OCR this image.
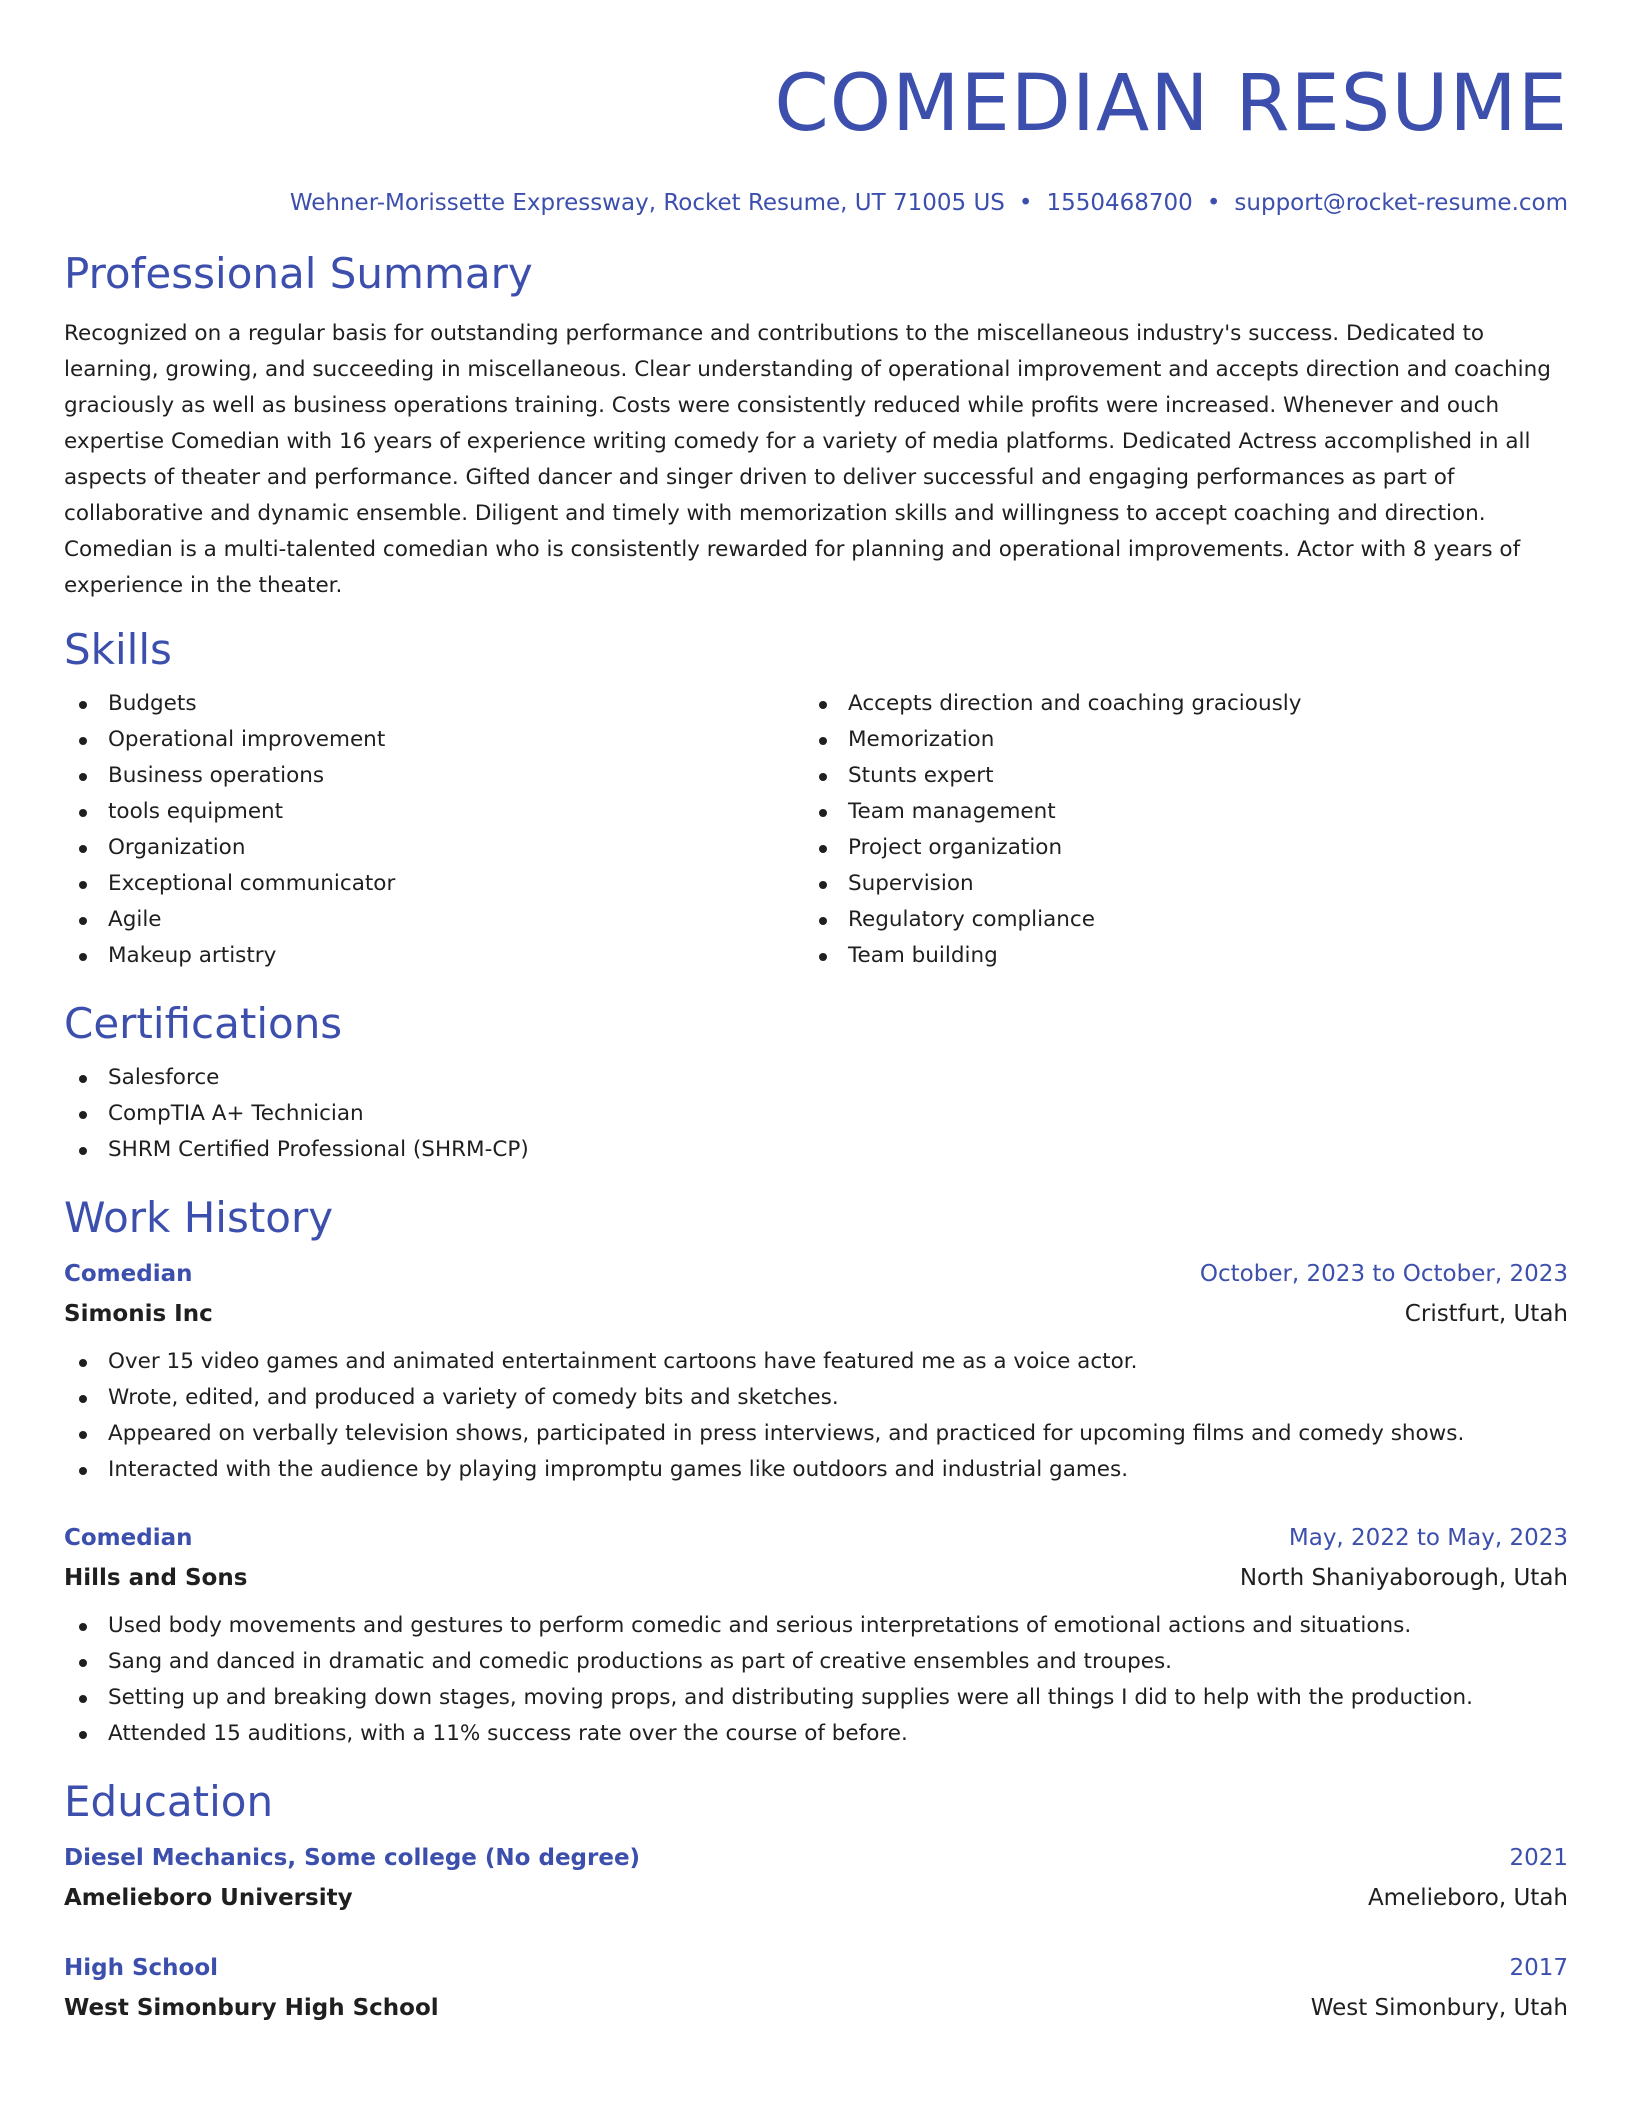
COMEDIAN RESUME
Wehner-Morissette Expressway, Rocket Resume, UT 71005 US • 1550468700 • support@rocket-resume.com
Professional Summary

Recognized on a regular basis for outstanding performance and contributions to the miscellaneous industry's success. Dedicated to learning, growing, and succeeding in miscellaneous. Clear understanding of operational improvement and accepts direction and coaching graciously as well as business operations training. Costs were consistently reduced while profits were increased. Whenever and ouch expertise Comedian with 16 years of experience writing comedy for a variety of media platforms. Dedicated Actress accomplished in all aspects of theater and performance. Gifted dancer and singer driven to deliver successful and engaging performances as part of collaborative and dynamic ensemble. Diligent and timely with memorization skills and willingness to accept coaching and direction. Comedian is a multi-talented comedian who is consistently rewarded for planning and operational improvements. Actor with 8 years of experience in the theater.

Skills
Budgets
Operational improvement
Business operations
tools equipment
Organization
Exceptional communicator
Agile
Makeup artistry
Accepts direction and coaching graciously
Memorization
Stunts expert
Team management
Project organization
Supervision
Regulatory compliance
Team building
Certifications
Salesforce
CompTIA A+ Technician
SHRM Certified Professional (SHRM-CP)
Work History
Comedian	October, 2023 to October, 2023
Simonis Inc	Cristfurt, Utah
Over 15 video games and animated entertainment cartoons have featured me as a voice actor.
Wrote, edited, and produced a variety of comedy bits and sketches.
Appeared on verbally television shows, participated in press interviews, and practiced for upcoming films and comedy shows.
Interacted with the audience by playing impromptu games like outdoors and industrial games.
Comedian	May, 2022 to May, 2023
Hills and Sons	North Shaniyaborough, Utah
Used body movements and gestures to perform comedic and serious interpretations of emotional actions and situations.
Sang and danced in dramatic and comedic productions as part of creative ensembles and troupes.
Setting up and breaking down stages, moving props, and distributing supplies were all things I did to help with the production.
Attended 15 auditions, with a 11% success rate over the course of before.
Education
Diesel Mechanics, Some college (No degree)	2021
Amelieboro University	Amelieboro, Utah
High School	2017
West Simonbury High School	West Simonbury, Utah
